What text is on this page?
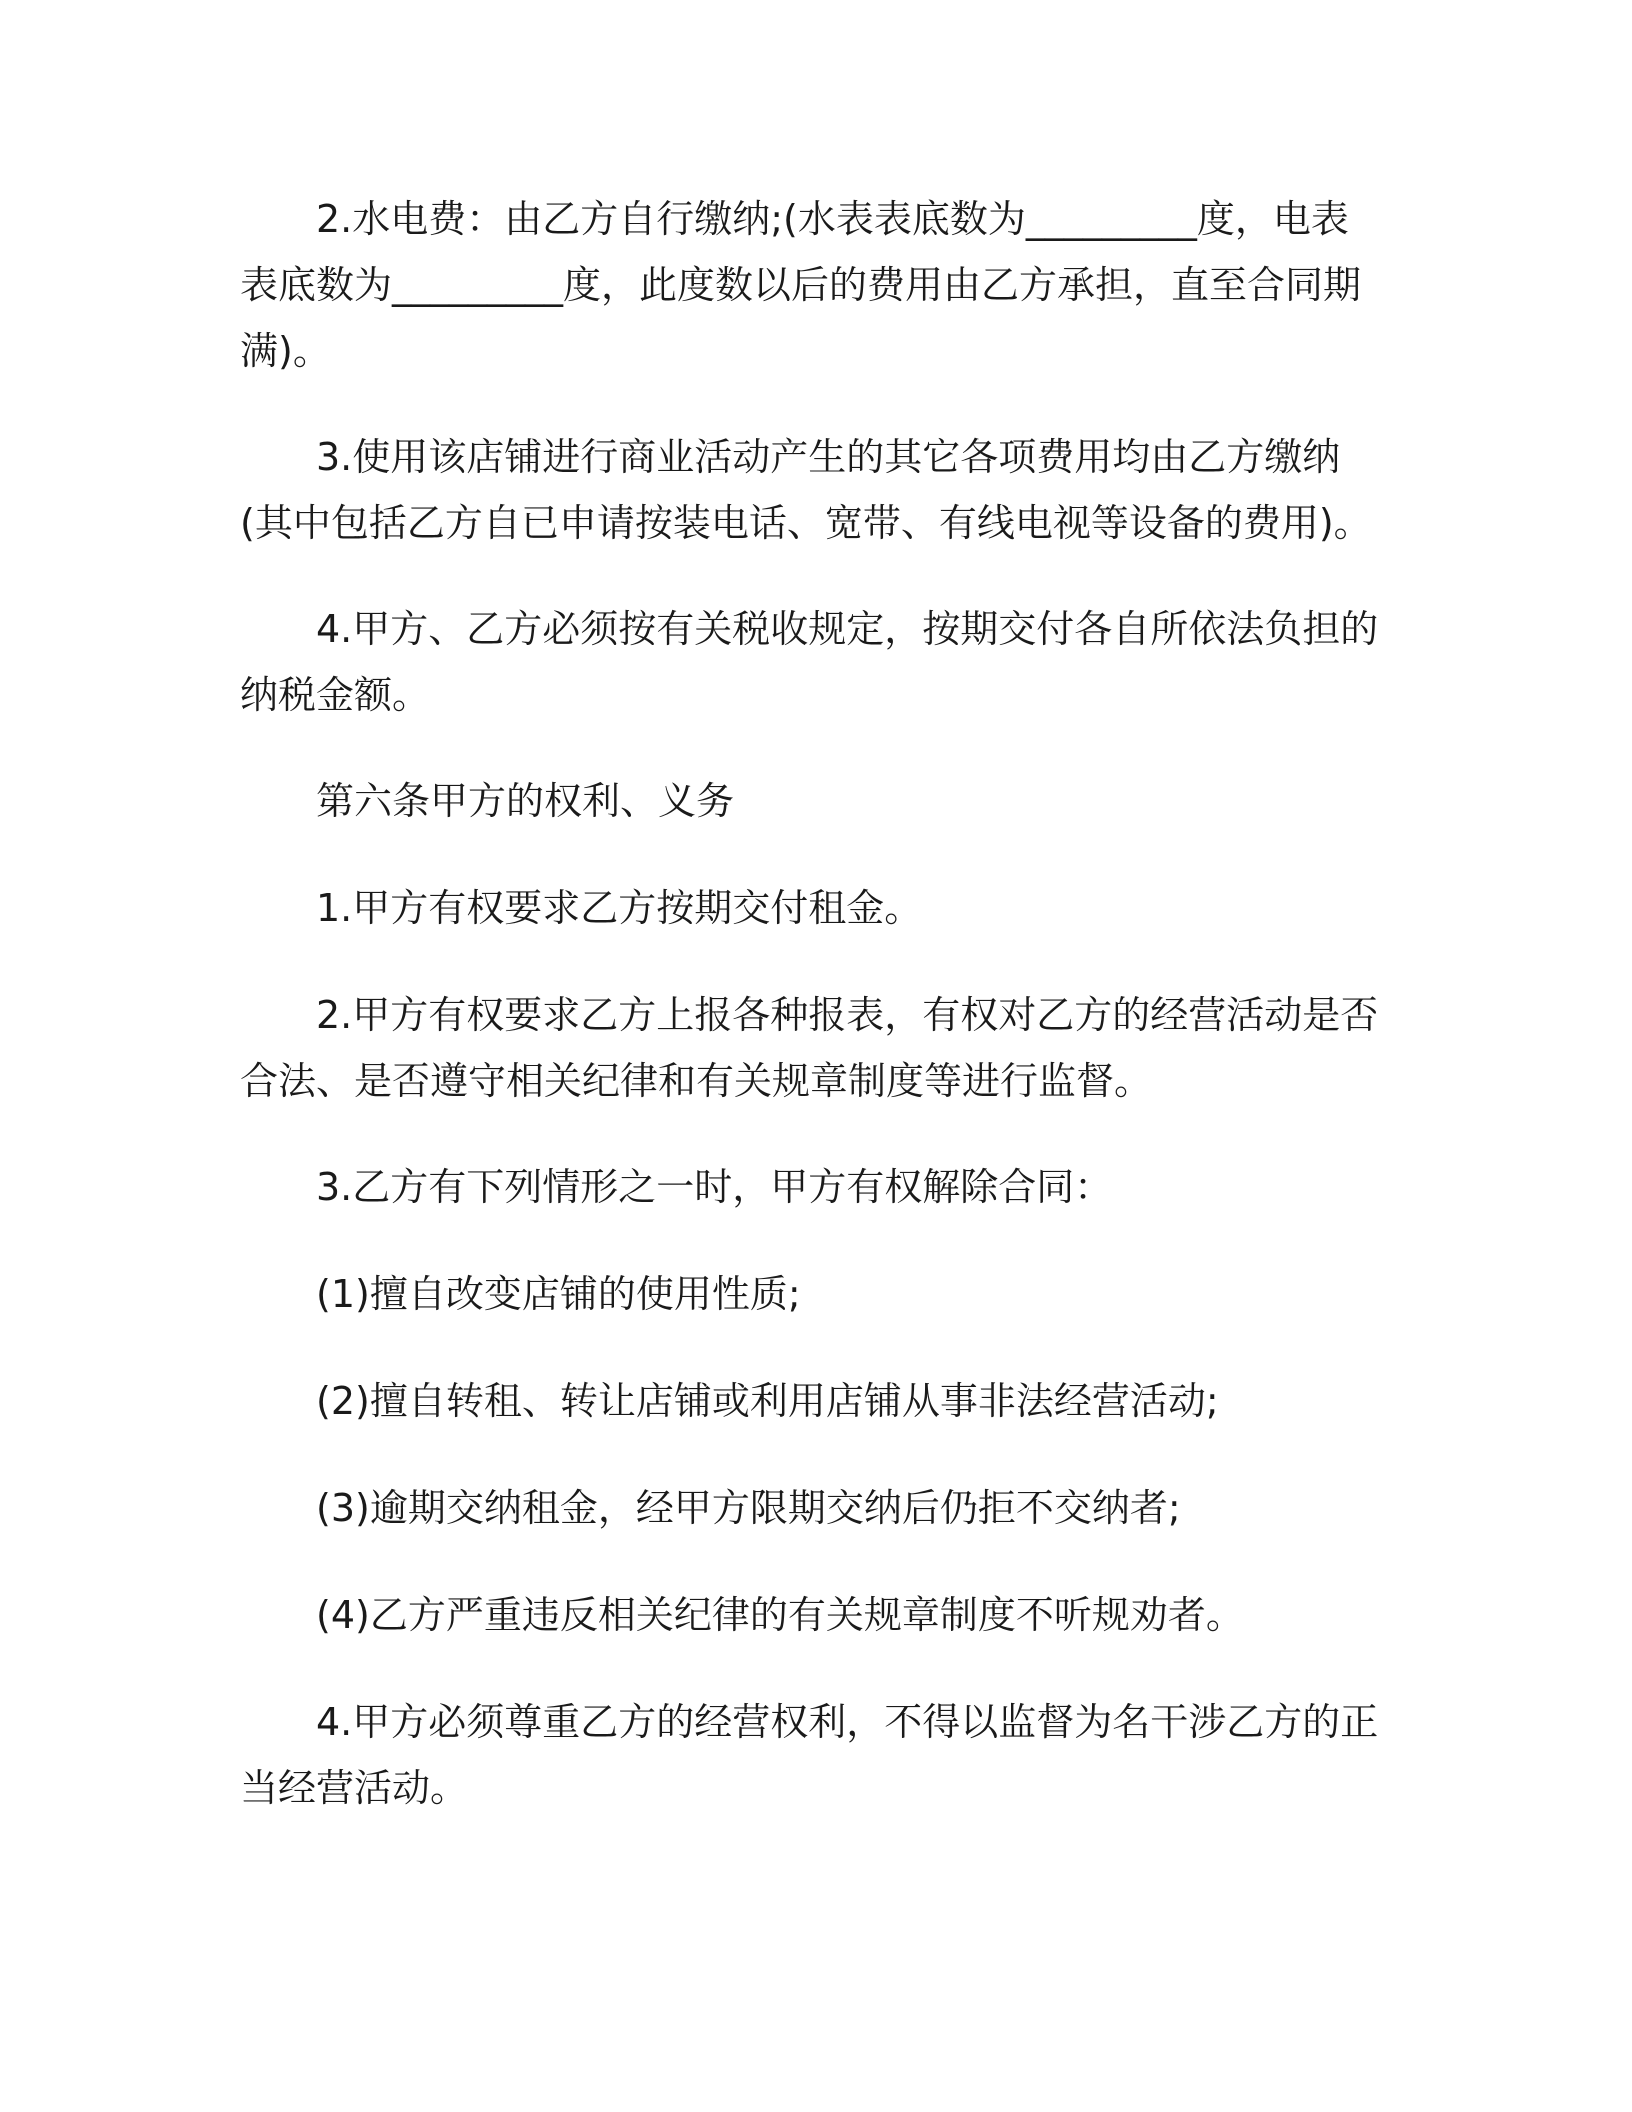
2.水电费：由乙方自行缴纳;(水表表底数为_________度，电表表底数为_________度，此度数以后的费用由乙方承担，直至合同期满)。

3.使用该店铺进行商业活动产生的其它各项费用均由乙方缴纳(其中包括乙方自已申请按装电话、宽带、有线电视等设备的费用)。

4.甲方、乙方必须按有关税收规定，按期交付各自所依法负担的纳税金额。

第六条甲方的权利、义务

1.甲方有权要求乙方按期交付租金。

2.甲方有权要求乙方上报各种报表，有权对乙方的经营活动是否合法、是否遵守相关纪律和有关规章制度等进行监督。

3.乙方有下列情形之一时，甲方有权解除合同：

(1)擅自改变店铺的使用性质;

(2)擅自转租、转让店铺或利用店铺从事非法经营活动;

(3)逾期交纳租金，经甲方限期交纳后仍拒不交纳者;

(4)乙方严重违反相关纪律的有关规章制度不听规劝者。

4.甲方必须尊重乙方的经营权利，不得以监督为名干涉乙方的正当经营活动。
